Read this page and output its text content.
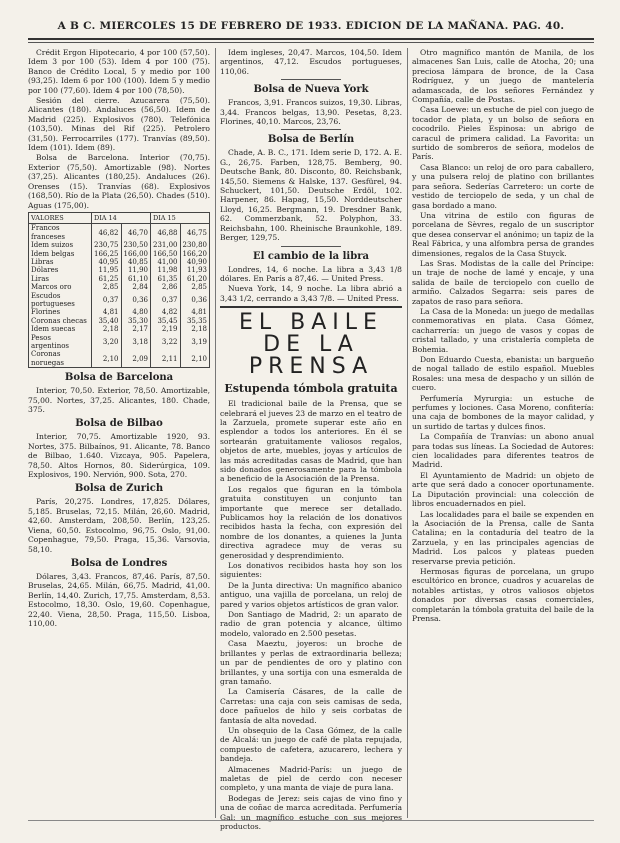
A B C. MIERCOLES 15 DE FEBRERO DE 1933. EDICION DE LA MAÑANA. PAG. 40.

Crédit Ergon Hipotecario, 4 por 100 (57,50). Idem 3 por 100 (53). Idem 4 por 100 (75). Banco de Crédito Local, 5 y medio por 100 (93,25). Idem 6 por 100 (100). Idem 5 y medio por 100 (77,60). Idem 4 por 100 (78,50).

Sesión del cierre. Azucarera (75,50). Alicantes (180). Andaluces (56,50). Idem de Madrid (225). Explosivos (780). Telefónica (103,50). Minas del Rif (225). Petrolero (31,50). Ferrocarriles (177). Tranvías (89,50). Idem (101). Idem (89).

Bolsa de Barcelona. Interior (70,75). Exterior (75,50). Amortizable (98). Nortes (37,25). Alicantes (180,25). Andaluces (26). Orenses (15). Tranvías (68). Explosivos (168,50). Río de la Plata (26,50). Chades (510). Aguas (175,00).

VALORES	DIA 14		DIA 15	
Francos franceses	46,82	46,70	46,88	46,75
Idem suizos	230,75	230,50	231,00	230,80
Idem belgas	166,25	166,00	166,50	166,20
Libras	40,95	40,85	41,00	40,90
Dólares	11,95	11,90	11,98	11,93
Liras	61,25	61,10	61,35	61,20
Marcos oro	2,85	2,84	2,86	2,85
Escudos portugueses	0,37	0,36	0,37	0,36
Florines	4,81	4,80	4,82	4,81
Coronas checas	35,40	35,30	35,45	35,35
Idem suecas	2,18	2,17	2,19	2,18
Pesos argentinos	3,20	3,18	3,22	3,19
Coronas noruegas	2,10	2,09	2,11	2,10
Bolsa de Barcelona

Interior, 70,50. Exterior, 78,50. Amortizable, 75,00. Nortes, 37,25. Alicantes, 180. Chade, 375.

Bolsa de Bilbao

Interior, 70,75. Amortizable 1920, 93. Nortes, 375. Bilbaínos, 91. Alicante, 78. Banco de Bilbao, 1.640. Vizcaya, 905. Papelera, 78,50. Altos Hornos, 80. Siderúrgica, 109. Explosivos, 190. Nervión, 900. Sota, 270.

Bolsa de Zurich

París, 20,275. Londres, 17,825. Dólares, 5,185. Bruselas, 72,15. Milán, 26,60. Madrid, 42,60. Amsterdam, 208,50. Berlín, 123,25. Viena, 60,50. Estocolmo, 96,75. Oslo, 91,00. Copenhague, 79,50. Praga, 15,36. Varsovia, 58,10.

Bolsa de Londres

Dólares, 3,43. Francos, 87,46. París, 87,50. Bruselas, 24,65. Milán, 66,75. Madrid, 41,00. Berlín, 14,40. Zurich, 17,75. Amsterdam, 8,53. Estocolmo, 18,30. Oslo, 19,60. Copenhague, 22,40. Viena, 28,50. Praga, 115,50. Lisboa, 110,00.

Idem ingleses, 20,47. Marcos, 104,50. Idem argentinos, 47,12. Escudos portugueses, 110,06.

Bolsa de Nueva York

Francos, 3,91. Francos suizos, 19,30. Libras, 3,44. Francos belgas, 13,90. Pesetas, 8,23. Florines, 40,10. Marcos, 23,76.

Bolsa de Berlín

Chade, A. B. C., 171. Idem serie D, 172. A. E. G., 26,75. Farben, 128,75. Bemberg, 90. Deutsche Bank, 80. Disconto, 80. Reichsbank, 145,50. Siemens & Halske, 137. Gesfürel, 94. Schuckert, 101,50. Deutsche Erdöl, 102. Harpener, 86. Hapag, 15,50. Norddeutscher Lloyd, 16,25. Bergmann, 19. Dresdner Bank, 62. Commerzbank, 52. Polyphon, 33. Reichsbahn, 100. Rheinische Braunkohle, 189. Berger, 129,75.

El cambio de la libra

Londres, 14, 6 noche. La libra a 3,43 1/8 dólares. En París a 87,46. — United Press.

Nueva York, 14, 9 noche. La libra abrió a 3,43 1/2, cerrando a 3,43 7/8. — United Press.

EL BAILE DE LA PRENSA
Estupenda tómbola gratuita

El tradicional baile de la Prensa, que se celebrará el jueves 23 de marzo en el teatro de la Zarzuela, promete superar este año en esplendor a todos los anteriores. En él se sortearán gratuitamente valiosos regalos, objetos de arte, muebles, joyas y artículos de las más acreditadas casas de Madrid, que han sido donados generosamente para la tómbola a beneficio de la Asociación de la Prensa.

Los regalos que figuran en la tómbola gratuita constituyen un conjunto tan importante que merece ser detallado. Publicamos hoy la relación de los donativos recibidos hasta la fecha, con expresión del nombre de los donantes, a quienes la Junta directiva agradece muy de veras su generosidad y desprendimiento.

Los donativos recibidos hasta hoy son los siguientes:

De la Junta directiva: Un magnífico abanico antiguo, una vajilla de porcelana, un reloj de pared y varios objetos artísticos de gran valor.

Don Santiago de Madrid, 2: un aparato de radio de gran potencia y alcance, último modelo, valorado en 2.500 pesetas.

Casa Maeztu, joyeros: un broche de brillantes y perlas de extraordinaria belleza; un par de pendientes de oro y platino con brillantes, y una sortija con una esmeralda de gran tamaño.

La Camisería Cásares, de la calle de Carretas: una caja con seis camisas de seda, doce pañuelos de hilo y seis corbatas de fantasía de alta novedad.

Un obsequio de la Casa Gómez, de la calle de Alcalá: un juego de café de plata repujada, compuesto de cafetera, azucarero, lechera y bandeja.

Almacenes Madrid-París: un juego de maletas de piel de cerdo con neceser completo, y una manta de viaje de pura lana.

Bodegas de Jerez: seis cajas de vino fino y una de coñac de marca acreditada. Perfumería Gal: un magnífico estuche con sus mejores productos.

Otro magnífico mantón de Manila, de los almacenes San Luis, calle de Atocha, 20; una preciosa lámpara de bronce, de la Casa Rodríguez, y un juego de mantelería adamascada, de los señores Fernández y Compañía, calle de Postas.

Casa Loewe: un estuche de piel con juego de tocador de plata, y un bolso de señora en cocodrilo. Pieles Espinosa: un abrigo de caracul de primera calidad. La Favorita: un surtido de sombreros de señora, modelos de París.

Casa Blanco: un reloj de oro para caballero, y una pulsera reloj de platino con brillantes para señora. Sederías Carretero: un corte de vestido de terciopelo de seda, y un chal de gasa bordado a mano.

Una vitrina de estilo con figuras de porcelana de Sèvres, regalo de un suscriptor que desea conservar el anónimo; un tapiz de la Real Fábrica, y una alfombra persa de grandes dimensiones, regalos de la Casa Stuyck.

Las Sras. Modistas de la calle del Príncipe: un traje de noche de lamé y encaje, y una salida de baile de terciopelo con cuello de armiño. Calzados Segarra: seis pares de zapatos de raso para señora.

La Casa de la Moneda: un juego de medallas conmemorativas en plata. Casa Gómez, cacharrería: un juego de vasos y copas de cristal tallado, y una cristalería completa de Bohemia.

Don Eduardo Cuesta, ebanista: un bargueño de nogal tallado de estilo español. Muebles Rosales: una mesa de despacho y un sillón de cuero.

Perfumería Myrurgia: un estuche de perfumes y lociones. Casa Moreno, confitería: una caja de bombones de la mayor calidad, y un surtido de tartas y dulces finos.

La Compañía de Tranvías: un abono anual para todas sus líneas. La Sociedad de Autores: cien localidades para diferentes teatros de Madrid.

El Ayuntamiento de Madrid: un objeto de arte que será dado a conocer oportunamente. La Diputación provincial: una colección de libros encuadernados en piel.

Las localidades para el baile se expenden en la Asociación de la Prensa, calle de Santa Catalina; en la contaduría del teatro de la Zarzuela, y en las principales agencias de Madrid. Los palcos y plateas pueden reservarse previa petición.

Hermosas figuras de porcelana, un grupo escultórico en bronce, cuadros y acuarelas de notables artistas, y otros valiosos objetos donados por diversas casas comerciales, completarán la tómbola gratuita del baile de la Prensa.
